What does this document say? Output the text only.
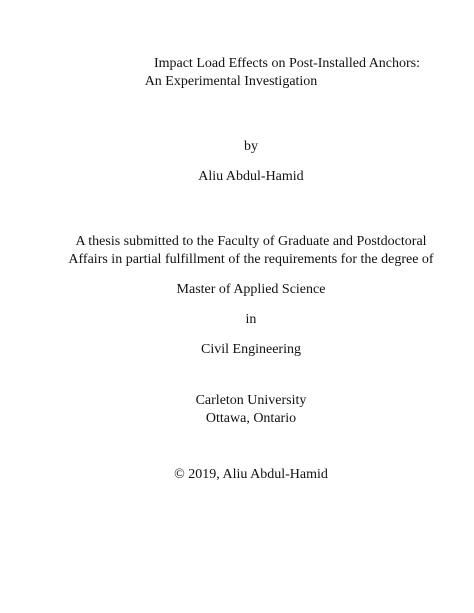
Impact Load Effects on Post-Installed Anchors:
An Experimental Investigation
by
Aliu Abdul-Hamid
A thesis submitted to the Faculty of Graduate and Postdoctoral
Affairs in partial fulfillment of the requirements for the degree of
Master of Applied Science
in
Civil Engineering
Carleton University
Ottawa, Ontario
© 2019, Aliu Abdul-Hamid
